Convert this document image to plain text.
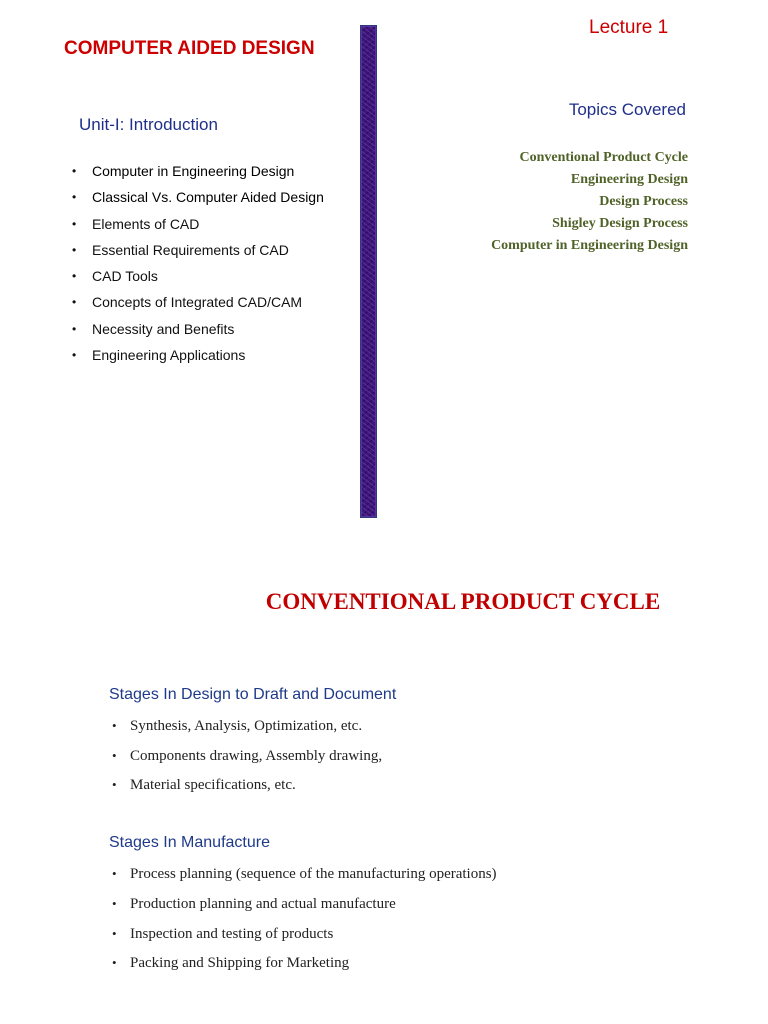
COMPUTER AIDED DESIGN
Lecture 1
Unit-I: Introduction
• Computer in Engineering Design
• Classical Vs. Computer Aided Design
• Elements of CAD
• Essential Requirements of CAD
• CAD Tools
• Concepts of Integrated CAD/CAM
• Necessity and Benefits
• Engineering Applications
Topics Covered
Conventional Product Cycle
Engineering Design
Design Process
Shigley Design Process
Computer in Engineering Design
CONVENTIONAL PRODUCT CYCLE
Stages In Design to Draft and Document
• Synthesis, Analysis, Optimization, etc.
• Components drawing, Assembly drawing,
• Material specifications, etc.
Stages In Manufacture
• Process planning (sequence of the manufacturing operations)
• Production planning and actual manufacture
• Inspection and testing of products
• Packing and Shipping for Marketing
